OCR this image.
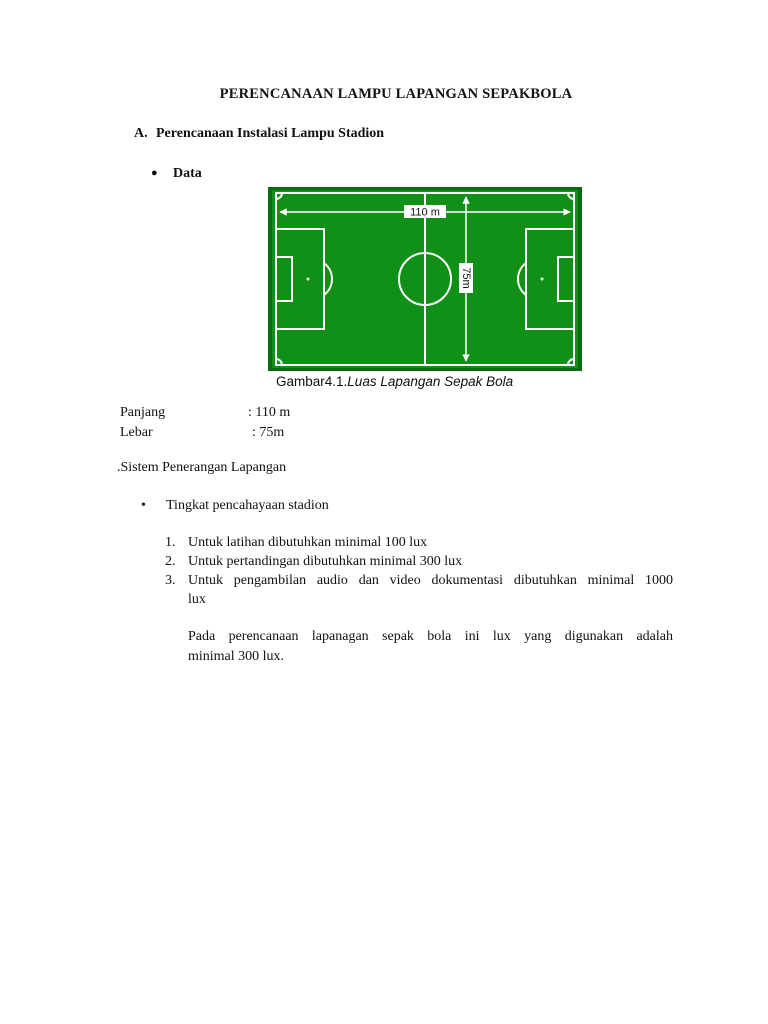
PERENCANAAN LAMPU LAPANGAN SEPAKBOLA
A. Perencanaan Instalasi Lampu Stadion
● Data
110 m
75m
Gambar4.1.Luas Lapangan Sepak Bola
Panjang	: 110 m
Lebar	: 75m
.Sistem Penerangan Lapangan
• Tingkat pencahayaan stadion
1. Untuk latihan dibutuhkan minimal 100 lux
2. Untuk pertandingan dibutuhkan minimal 300 lux
3. Untuk pengambilan audio dan video dokumentasi dibutuhkan minimal 1000
lux
Pada perencanaan lapanagan sepak bola ini lux yang digunakan adalah
minimal 300 lux.
